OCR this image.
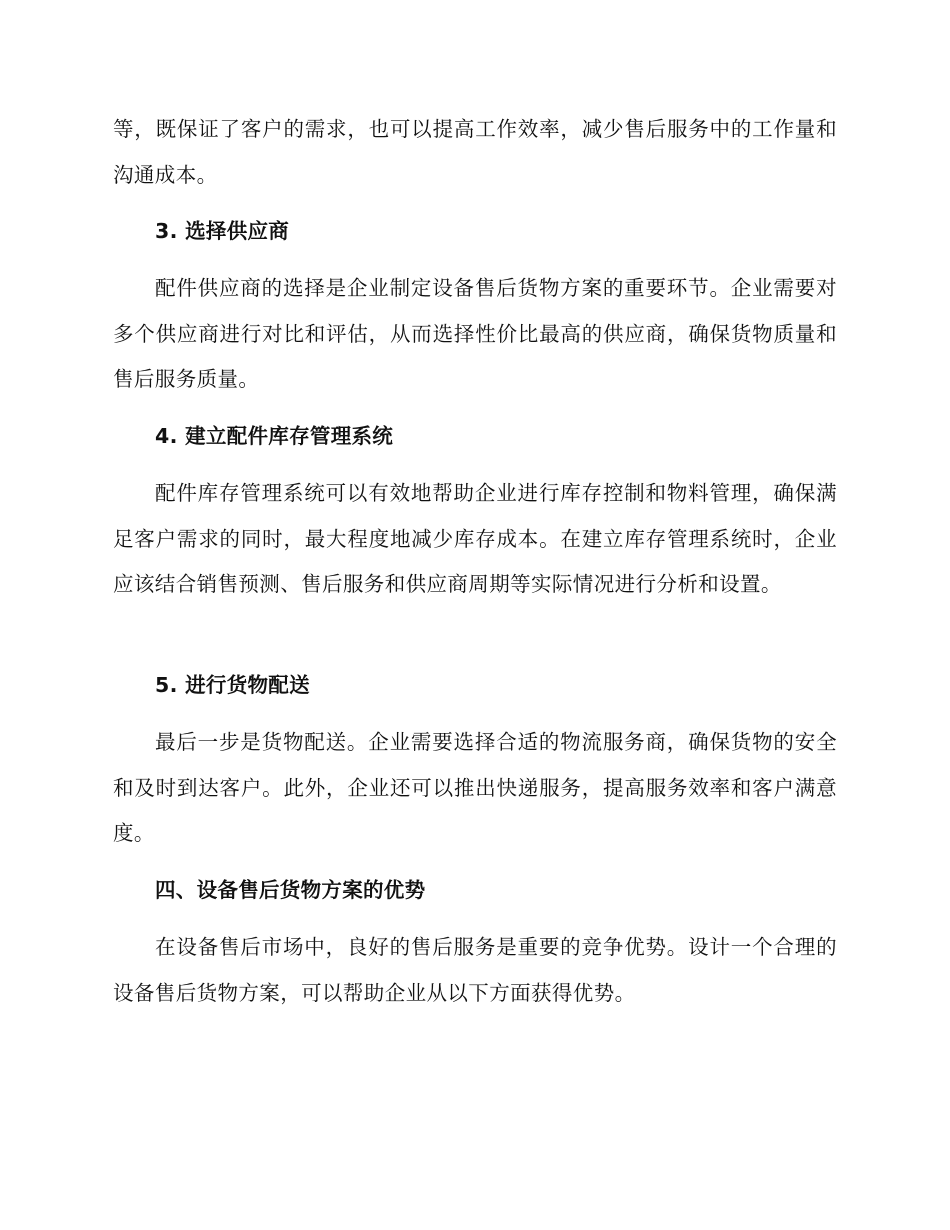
等，既保证了客户的需求，也可以提高工作效率，减少售后服务中的工作量和沟通成本。

3. 选择供应商

配件供应商的选择是企业制定设备售后货物方案的重要环节。企业需要对多个供应商进行对比和评估，从而选择性价比最高的供应商，确保货物质量和售后服务质量。

4. 建立配件库存管理系统

配件库存管理系统可以有效地帮助企业进行库存控制和物料管理，确保满足客户需求的同时，最大程度地减少库存成本。在建立库存管理系统时，企业应该结合销售预测、售后服务和供应商周期等实际情况进行分析和设置。

5. 进行货物配送

最后一步是货物配送。企业需要选择合适的物流服务商，确保货物的安全和及时到达客户。此外，企业还可以推出快递服务，提高服务效率和客户满意度。

四、设备售后货物方案的优势

在设备售后市场中，良好的售后服务是重要的竞争优势。设计一个合理的设备售后货物方案，可以帮助企业从以下方面获得优势。
